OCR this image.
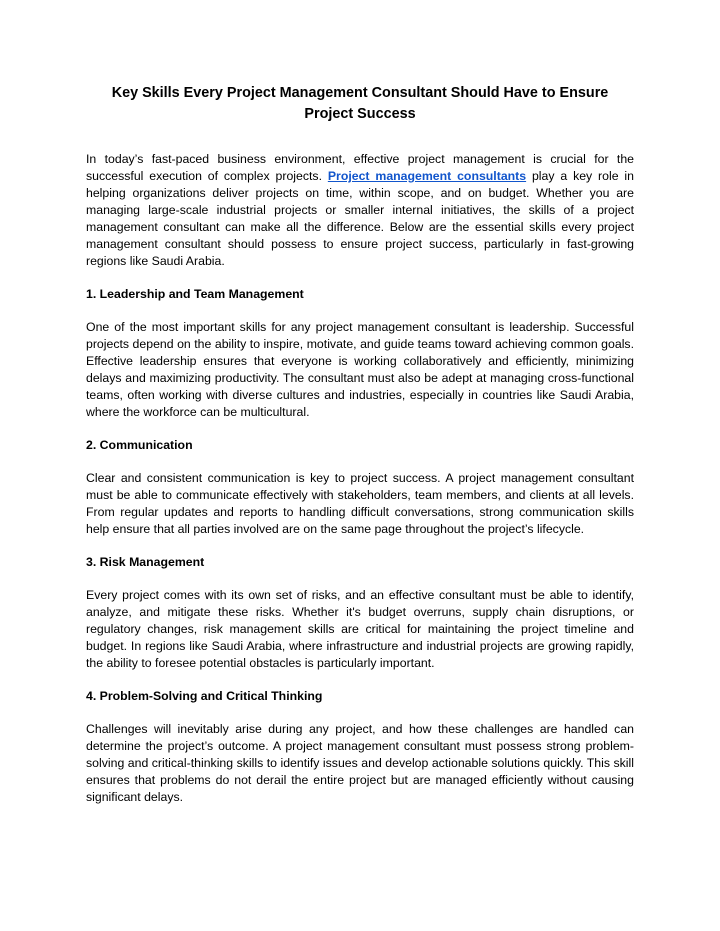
Key Skills Every Project Management Consultant Should Have to Ensure Project Success

In today’s fast-paced business environment, effective project management is crucial for the successful execution of complex projects. Project management consultants play a key role in helping organizations deliver projects on time, within scope, and on budget. Whether you are managing large-scale industrial projects or smaller internal initiatives, the skills of a project management consultant can make all the difference. Below are the essential skills every project management consultant should possess to ensure project success, particularly in fast-growing regions like Saudi Arabia.

1. Leadership and Team Management

One of the most important skills for any project management consultant is leadership. Successful projects depend on the ability to inspire, motivate, and guide teams toward achieving common goals. Effective leadership ensures that everyone is working collaboratively and efficiently, minimizing delays and maximizing productivity. The consultant must also be adept at managing cross-functional teams, often working with diverse cultures and industries, especially in countries like Saudi Arabia, where the workforce can be multicultural.

2. Communication

Clear and consistent communication is key to project success. A project management consultant must be able to communicate effectively with stakeholders, team members, and clients at all levels. From regular updates and reports to handling difficult conversations, strong communication skills help ensure that all parties involved are on the same page throughout the project’s lifecycle.

3. Risk Management

Every project comes with its own set of risks, and an effective consultant must be able to identify, analyze, and mitigate these risks. Whether it's budget overruns, supply chain disruptions, or regulatory changes, risk management skills are critical for maintaining the project timeline and budget. In regions like Saudi Arabia, where infrastructure and industrial projects are growing rapidly, the ability to foresee potential obstacles is particularly important.

4. Problem-Solving and Critical Thinking

Challenges will inevitably arise during any project, and how these challenges are handled can determine the project’s outcome. A project management consultant must possess strong problem-solving and critical-thinking skills to identify issues and develop actionable solutions quickly. This skill ensures that problems do not derail the entire project but are managed efficiently without causing significant delays.
